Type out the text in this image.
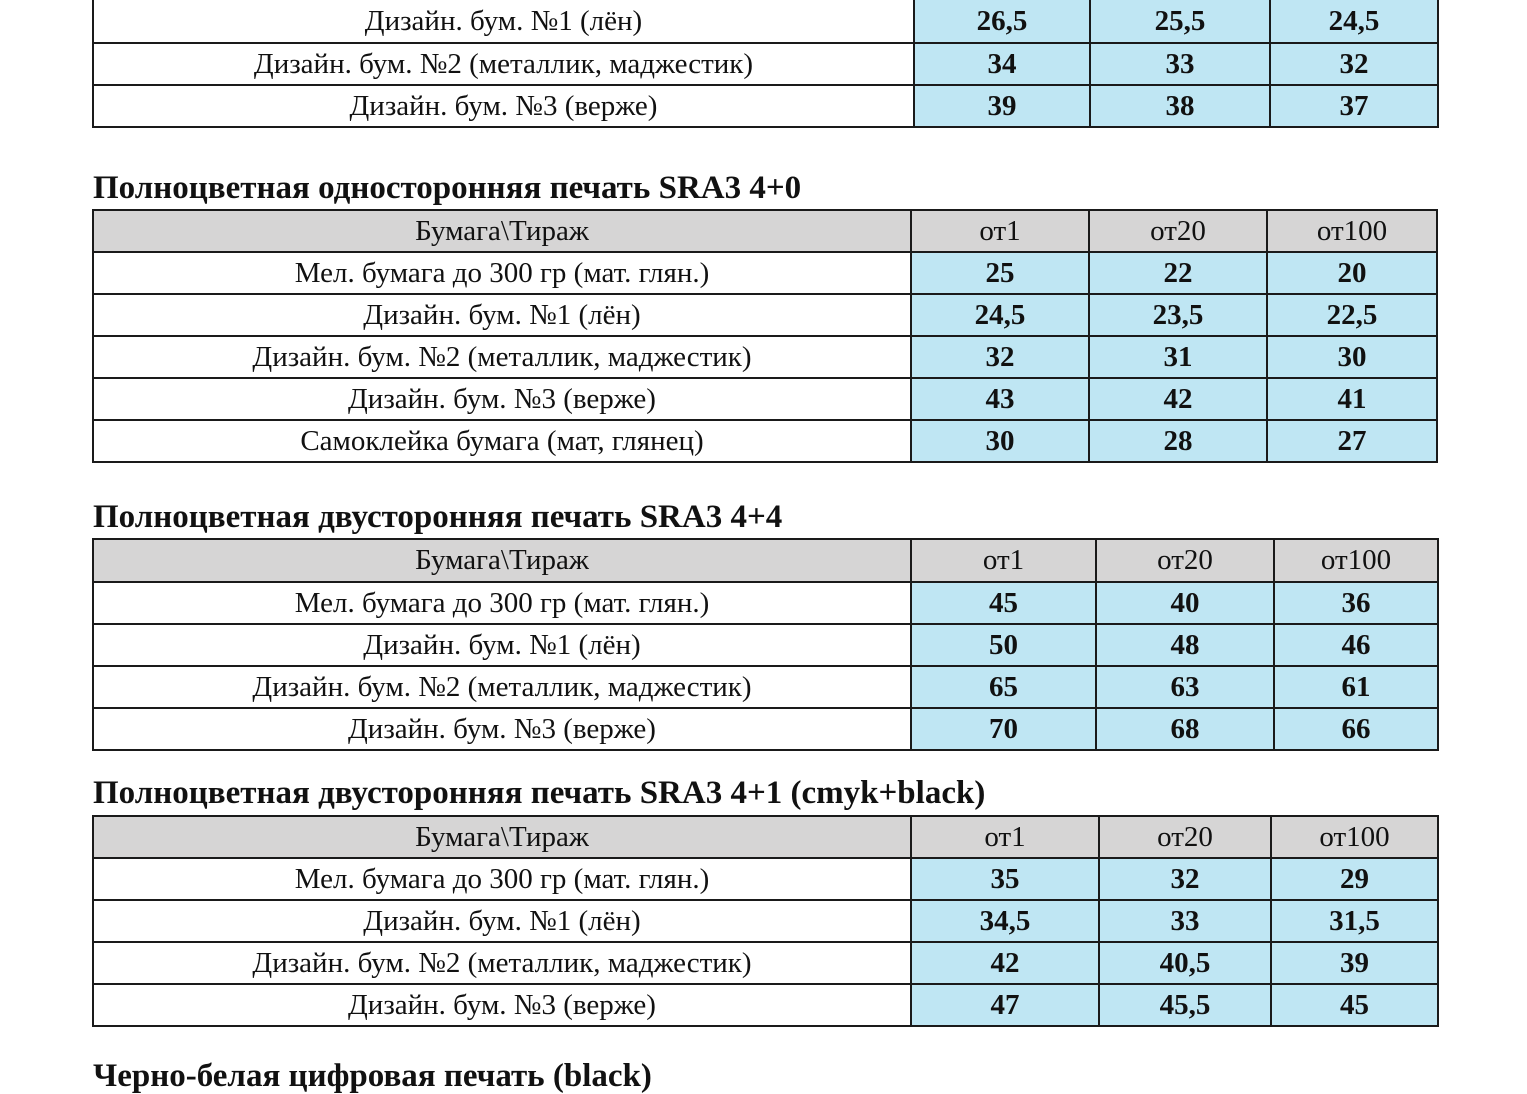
Дизайн. бум. №1 (лён)	26,5	25,5	24,5
Дизайн. бум. №2 (металлик, маджестик)	34	33	32
Дизайн. бум. №3 (верже)	39	38	37
Полноцветная односторонняя печать SRA3 4+0
Бумага\Тираж	от1	от20	от100
Мел. бумага до 300 гр (мат. глян.)	25	22	20
Дизайн. бум. №1 (лён)	24,5	23,5	22,5
Дизайн. бум. №2 (металлик, маджестик)	32	31	30
Дизайн. бум. №3 (верже)	43	42	41
Самоклейка бумага (мат, глянец)	30	28	27
Полноцветная двусторонняя печать SRA3 4+4
Бумага\Тираж	от1	от20	от100
Мел. бумага до 300 гр (мат. глян.)	45	40	36
Дизайн. бум. №1 (лён)	50	48	46
Дизайн. бум. №2 (металлик, маджестик)	65	63	61
Дизайн. бум. №3 (верже)	70	68	66
Полноцветная двусторонняя печать SRA3 4+1 (cmyk+black)
Бумага\Тираж	от1	от20	от100
Мел. бумага до 300 гр (мат. глян.)	35	32	29
Дизайн. бум. №1 (лён)	34,5	33	31,5
Дизайн. бум. №2 (металлик, маджестик)	42	40,5	39
Дизайн. бум. №3 (верже)	47	45,5	45
Черно-белая цифровая печать (black)
